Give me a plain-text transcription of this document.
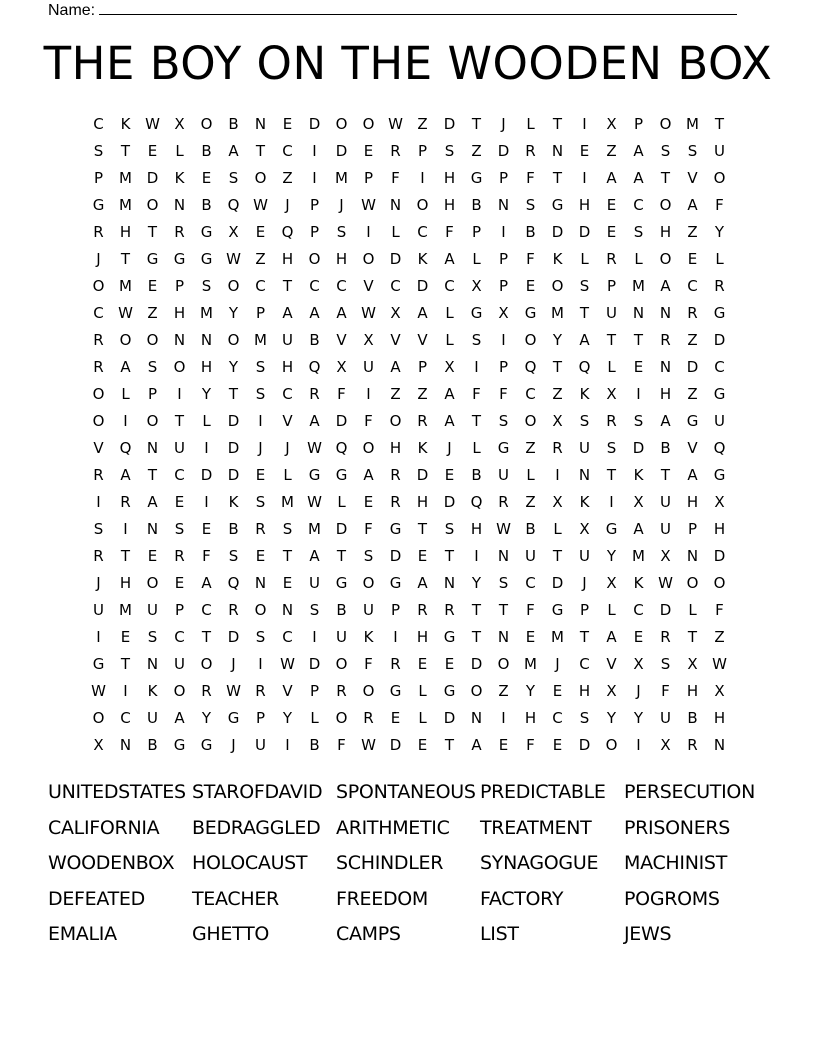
Name:
THE BOY ON THE WOODEN BOX
C	K W X	O	B	N	E	D	O	O W Z	D	T	J	L	T	I	X	P	O M	T
S	T	E	L	B	A	T	C	I	D	E	R	P	S	Z	D	R	N	E	Z	A	S	S	U
P	M D	K	E	S	O	Z	I	M	P	F	I	H	G	P	F	T	I	A	A	T	V	O
G M O	N	B	Q W	J	P	J	W N	O	H	B	N	S	G	H	E	C	O	A	F
R	H	T	R	G	X	E	Q	P	S	I	L	C	F	P	I	B	D	D	E	S	H	Z	Y
J	T	G	G	G W Z	H	O	H	O	D	K	A	L	P	F	K	L	R	L	O	E	L
O M	E	P	S	O	C	T	C	C	V	C	D	C	X	P	E	O	S	P	M	A	C	R
C W Z	H M	Y	P	A	A	A W X	A	L	G	X	G M	T	U	N	N	R	G
R	O	O	N	N	O M	U	B	V	X	V	V	L	S	I	O	Y	A	T	T	R	Z	D
R	A	S	O	H	Y	S	H	Q	X	U	A	P	X	I	P	Q	T	Q	L	E	N	D	C
O	L	P	I	Y	T	S	C	R	F	I	Z	Z	A	F	F	C	Z	K	X	I	H	Z	G
O	I	O	T	L	D	I	V	A	D	F	O	R	A	T	S	O	X	S	R	S	A	G	U
V	Q	N	U	I	D	J	J	W Q	O	H	K	J	L	G	Z	R	U	S	D	B	V	Q
R	A	T	C	D	D	E	L	G	G	A	R	D	E	B	U	L	I	N	T	K	T	A	G
I	R	A	E	I	K	S	M W	L	E	R	H	D	Q	R	Z	X	K	I	X	U	H	X
S	I	N	S	E	B	R	S	M D	F	G	T	S	H W B	L	X	G	A	U	P	H
R	T	E	R	F	S	E	T	A	T	S	D	E	T	I	N	U	T	U	Y	M	X	N	D
J	H	O	E	A	Q	N	E	U	G	O	G	A	N	Y	S	C	D	J	X	K W O	O
U	M	U	P	C	R	O	N	S	B	U	P	R	R	T	T	F	G	P	L	C	D	L	F
I	E	S	C	T	D	S	C	I	U	K	I	H	G	T	N	E	M	T	A	E	R	T	Z
G	T	N	U	O	J	I	W D	O	F	R	E	E	D	O M	J	C	V	X	S	X W
W	I	K	O	R W R	V	P	R	O	G	L	G	O	Z	Y	E	H	X	J	F	H	X
O	C	U	A	Y	G	P	Y	L	O	R	E	L	D	N	I	H	C	S	Y	Y	U	B	H
X	N	B	G	G	J	U	I	B	F	W D	E	T	A	E	F	E	D	O	I	X	R	N
UNITEDSTATES STAROFDAVID SPONTANEOUS PREDICTABLE PERSECUTION
CALIFORNIA	BEDRAGGLED ARITHMETIC	TREATMENT	PRISONERS
WOODENBOX HOLOCAUST	SCHINDLER	SYNAGOGUE	MACHINIST
DEFEATED	TEACHER	FREEDOM	FACTORY	POGROMS
EMALIA	GHETTO	CAMPS	LIST	JEWS
